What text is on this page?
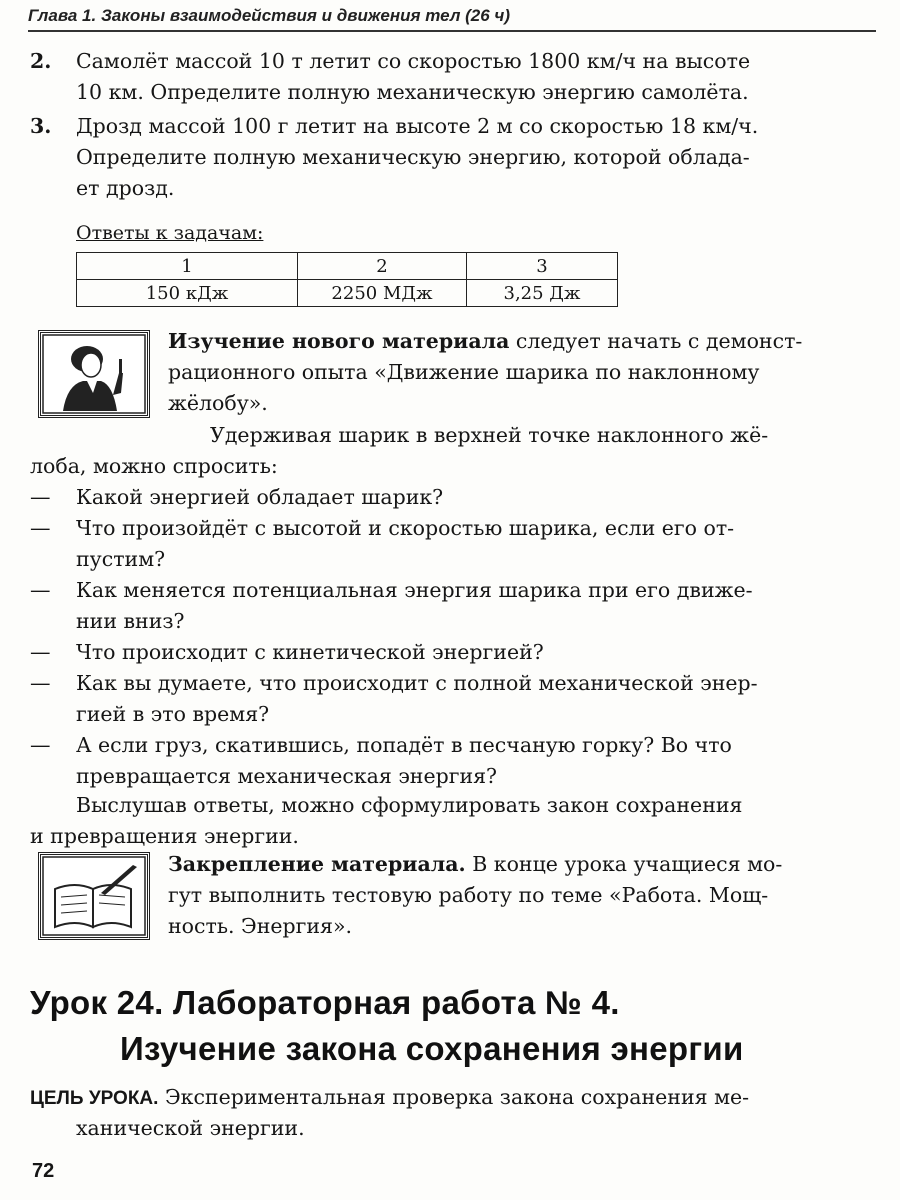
Глава 1. Законы взаимодействия и движения тел (26 ч)
2. Самолёт массой 10 т летит со скоростью 1800 км/ч на высоте
10 км. Определите полную механическую энергию самолёта.
3. Дрозд массой 100 г летит на высоте 2 м со скоростью 18 км/ч.
Определите полную механическую энергию, которой облада-
ет дрозд.
Ответы к задачам:
1	2	3
150 кДж	2250 МДж	3,25 Дж
Изучение нового материала следует начать с демонст-
рационного опыта «Движение шарика по наклонному
жёлобу».
Удерживая шарик в верхней точке наклонного жё-
лоба, можно спросить:
—	Какой энергией обладает шарик?
—	Что произойдёт с высотой и скоростью шарика, если его от-
пустим?
—	Как меняется потенциальная энергия шарика при его движе-
нии вниз?
—	Что происходит с кинетической энергией?
—	Как вы думаете, что происходит с полной механической энер-
гией в это время?
—	А если груз, скатившись, попадёт в песчаную горку? Во что
превращается механическая энергия?
Выслушав ответы, можно сформулировать закон сохранения
и превращения энергии.
Закрепление материала. В конце урока учащиеся мо-
гут выполнить тестовую работу по теме «Работа. Мощ-
ность. Энергия».
Урок 24. Лабораторная работа № 4.
Изучение закона сохранения энергии
ЦЕЛЬ УРОКА. Экспериментальная проверка закона сохранения ме-
ханической энергии.
72
